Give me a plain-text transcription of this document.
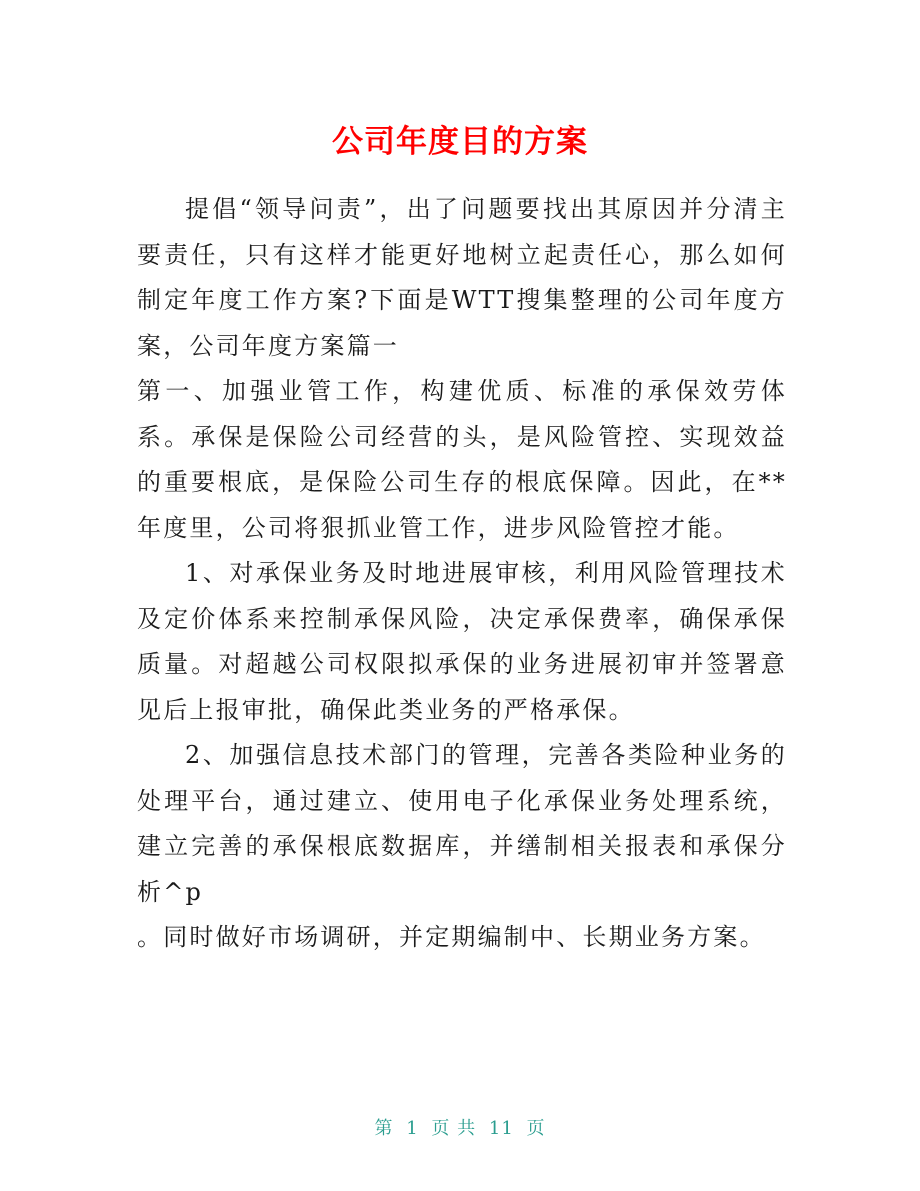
公司年度目的方案

提倡“领导问责”，出了问题要找出其原因并分清主要责任，只有这样才能更好地树立起责任心，那么如何制定年度工作方案?下面是WTT搜集整理的公司年度方案，公司年度方案篇一

第一、加强业管工作，构建优质、标准的承保效劳体系。承保是保险公司经营的头，是风险管控、实现效益的重要根底，是保险公司生存的根底保障。因此，在**年度里，公司将狠抓业管工作，进步风险管控才能。

1、对承保业务及时地进展审核，利用风险管理技术及定价体系来控制承保风险，决定承保费率，确保承保质量。对超越公司权限拟承保的业务进展初审并签署意见后上报审批，确保此类业务的严格承保。

2、加强信息技术部门的管理，完善各类险种业务的处理平台，通过建立、使用电子化承保业务处理系统，建立完善的承保根底数据库，并缮制相关报表和承保分析^p

。同时做好市场调研，并定期编制中、长期业务方案。

第 1 页 共 11 页
